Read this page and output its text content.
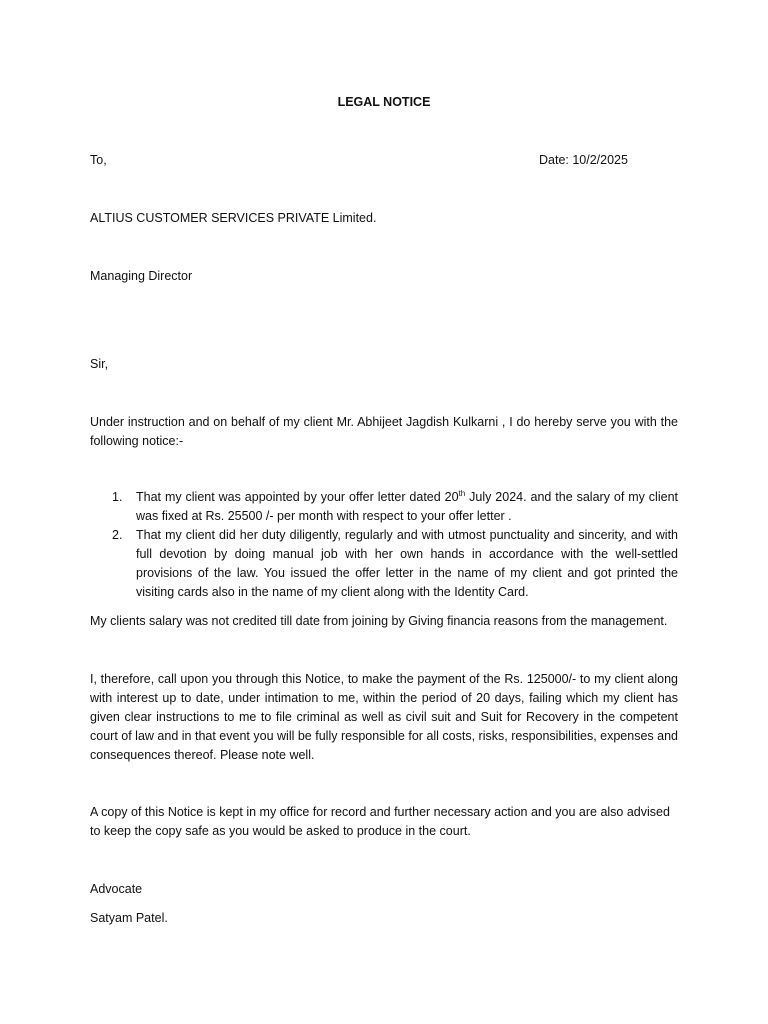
LEGAL NOTICE
To,	Date: 10/2/2025
ALTIUS CUSTOMER SERVICES PRIVATE Limited.
Managing Director
Sir,
Under instruction and on behalf of my client Mr. Abhijeet Jagdish Kulkarni , I do hereby serve you with the following notice:-
1. That my client was appointed by your offer letter dated 20th July 2024. and the salary of my client was fixed at Rs. 25500 /- per month with respect to your offer letter .
2. That my client did her duty diligently, regularly and with utmost punctuality and sincerity, and with full devotion by doing manual job with her own hands in accordance with the well-settled provisions of the law. You issued the offer letter in the name of my client and got printed the visiting cards also in the name of my client along with the Identity Card.
My clients salary was not credited till date from joining by Giving financia reasons from the management.
I, therefore, call upon you through this Notice, to make the payment of the Rs. 125000/- to my client along with interest up to date, under intimation to me, within the period of 20 days, failing which my client has given clear instructions to me to file criminal as well as civil suit and Suit for Recovery in the competent court of law and in that event you will be fully responsible for all costs, risks, responsibilities, expenses and consequences thereof. Please note well.
A copy of this Notice is kept in my office for record and further necessary action and you are also advised to keep the copy safe as you would be asked to produce in the court.
Advocate
Satyam Patel.
